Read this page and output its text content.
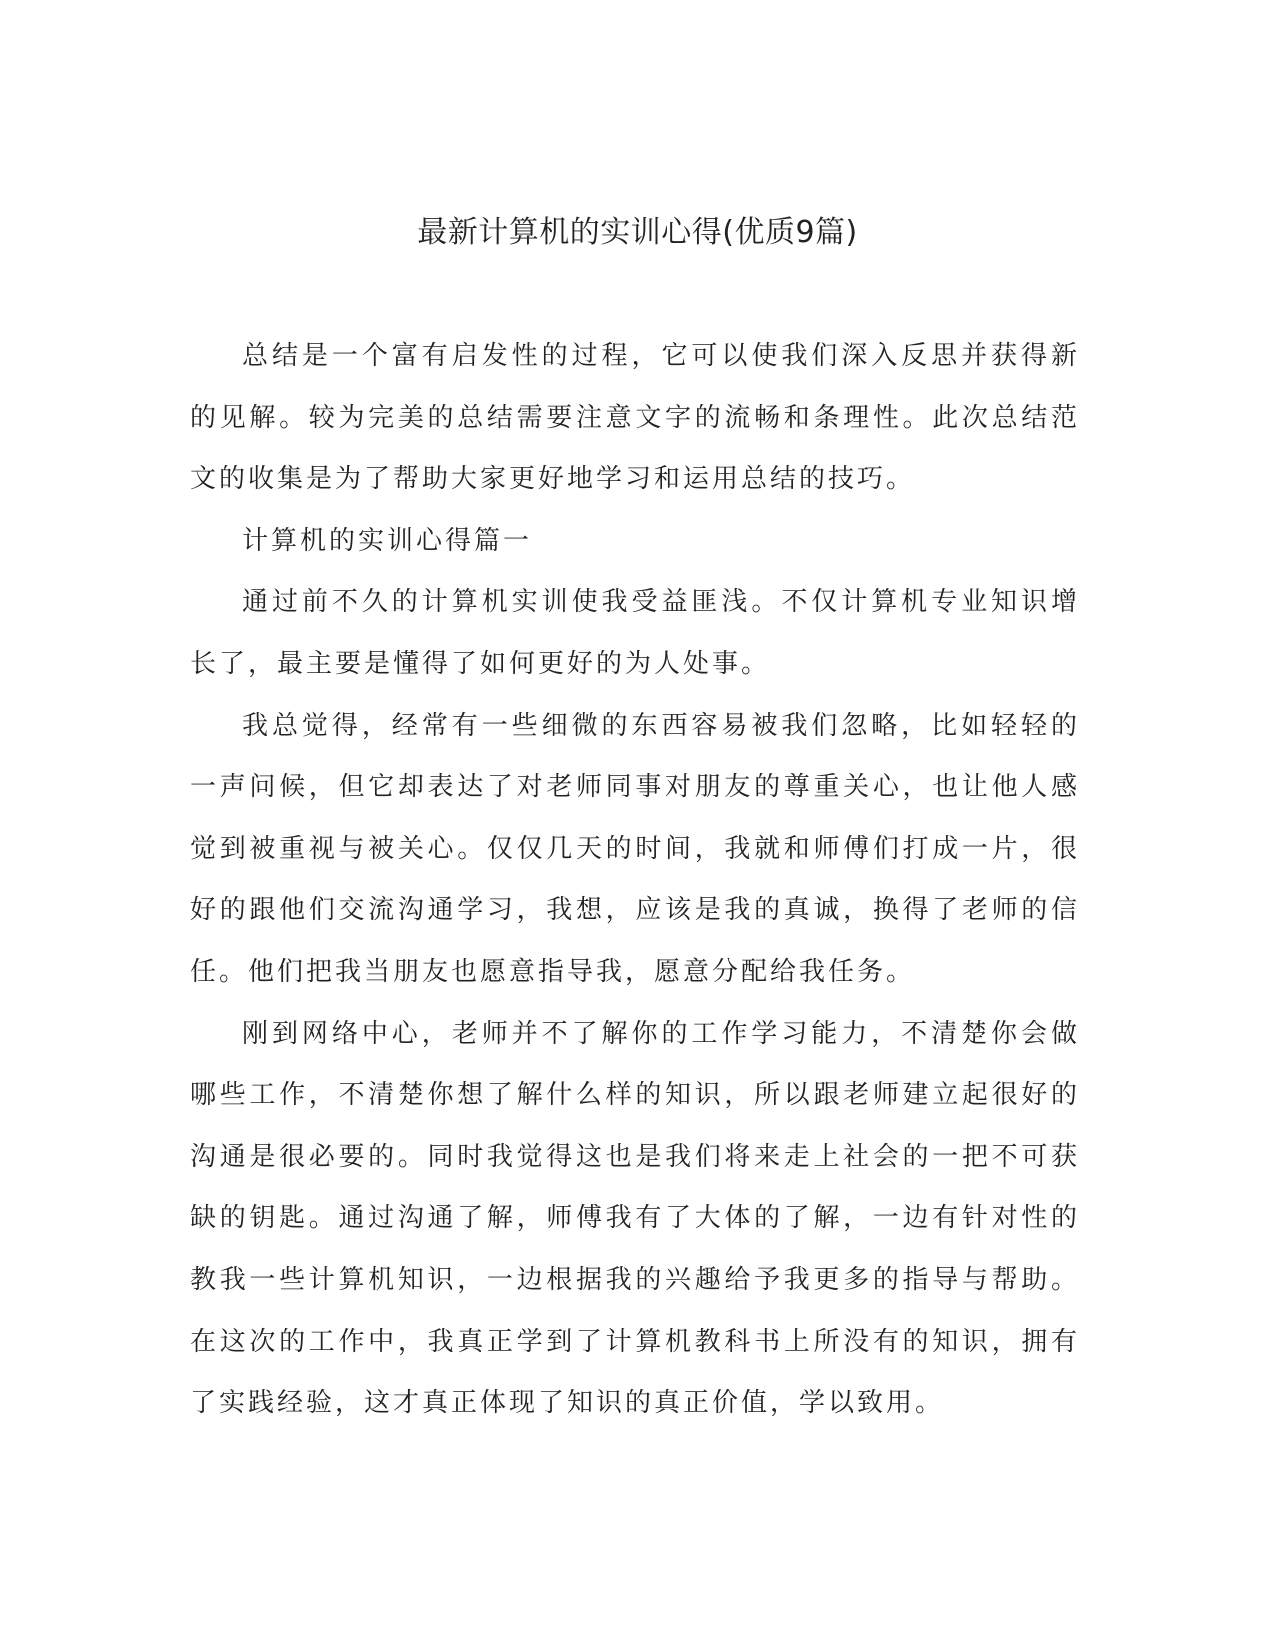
最新计算机的实训心得(优质9篇)

总结是一个富有启发性的过程，它可以使我们深入反思并获得新的见解。较为完美的总结需要注意文字的流畅和条理性。此次总结范文的收集是为了帮助大家更好地学习和运用总结的技巧。

计算机的实训心得篇一

通过前不久的计算机实训使我受益匪浅。不仅计算机专业知识增长了，最主要是懂得了如何更好的为人处事。

我总觉得，经常有一些细微的东西容易被我们忽略，比如轻轻的一声问候，但它却表达了对老师同事对朋友的尊重关心，也让他人感觉到被重视与被关心。仅仅几天的时间，我就和师傅们打成一片，很好的跟他们交流沟通学习，我想，应该是我的真诚，换得了老师的信任。他们把我当朋友也愿意指导我，愿意分配给我任务。

刚到网络中心，老师并不了解你的工作学习能力，不清楚你会做哪些工作，不清楚你想了解什么样的知识，所以跟老师建立起很好的沟通是很必要的。同时我觉得这也是我们将来走上社会的一把不可获缺的钥匙。通过沟通了解，师傅我有了大体的了解，一边有针对性的教我一些计算机知识，一边根据我的兴趣给予我更多的指导与帮助。在这次的工作中，我真正学到了计算机教科书上所没有的知识，拥有了实践经验，这才真正体现了知识的真正价值，学以致用。
